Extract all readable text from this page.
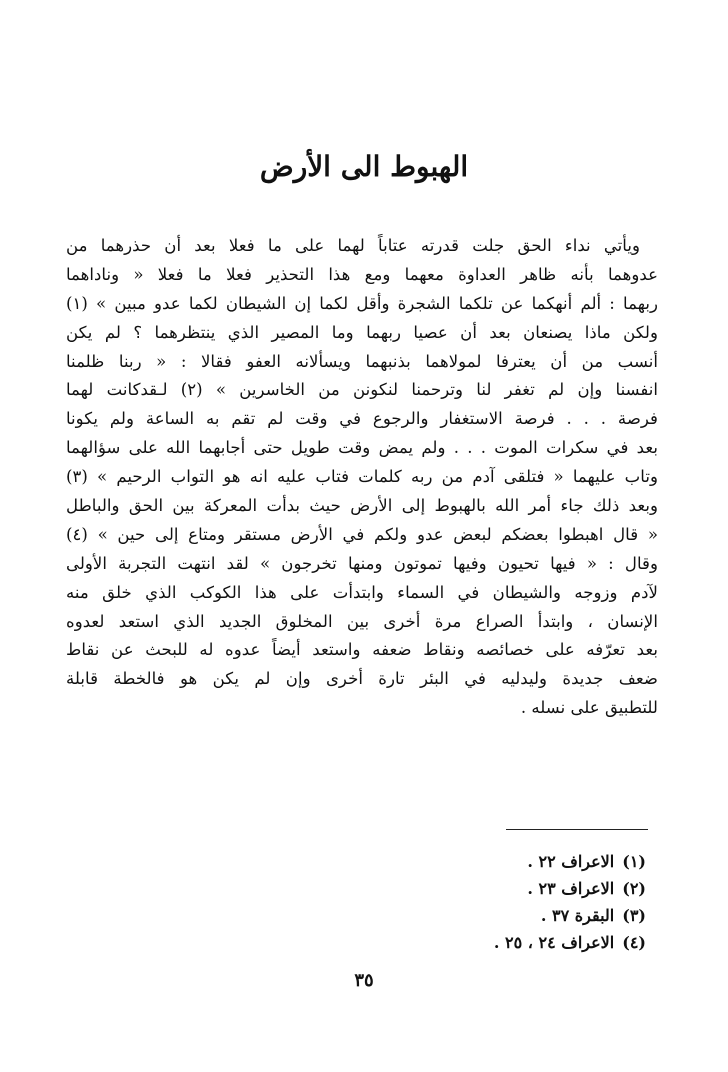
الهبوط الى الأرض
ويأتي نداء الحق جلت قدرته عتاباً لهما على ما فعلا بعد أن حذرهما من
عدوهما بأنه ظاهر العداوة معهما ومع هذا التحذير فعلا ما فعلا « وناداهما
ربهما : ألم أنهكما عن تلكما الشجرة وأقل لكما إن الشيطان لكما عدو مبين » (١)
ولكن ماذا يصنعان بعد أن عصيا ربهما وما المصير الذي ينتظرهما ؟ لم يكن
أنسب من أن يعترفا لمولاهما بذنبهما ويسألانه العفو فقالا : « ربنا ظلمنا
انفسنا وإن لم تغفر لنا وترحمنا لنكونن من الخاسرين » (٢) لـقدكانت لهما
فرصة . . . فرصة الاستغفار والرجوع في وقت لم تقم به الساعة ولم يكونا
بعد في سكرات الموت . . . ولم يمض وقت طويل حتى أجابهما الله على سؤالهما
وتاب عليهما « فتلقى آدم من ربه كلمات فتاب عليه انه هو التواب الرحيم » (٣)
وبعد ذلك جاء أمر الله بالهبوط إلى الأرض حيث بدأت المعركة بين الحق والباطل
« قال اهبطوا بعضكم لبعض عدو ولكم في الأرض مستقر ومتاع إلى حين » (٤)
وقال : « فيها تحيون وفيها تموتون ومنها تخرجون » لقد انتهت التجربة الأولى
لآدم وزوجه والشيطان في السماء وابتدأت على هذا الكوكب الذي خلق منه
الإنسان ، وابتدأ الصراع مرة أخرى بين المخلوق الجديد الذي استعد لعدوه
بعد تعرّفه على خصائصه ونقاط ضعفه واستعد أيضاً عدوه له للبحث عن نقاط
ضعف جديدة وليدليه في البئر تارة أخرى وإن لم يكن هو فالخطة قابلة
للتطبيق على نسله .
(١)الاعراف ٢٢ .
(٢)الاعراف ٢٣ .
(٣)البقرة ٣٧ .
(٤)الاعراف ٢٤ ، ٢٥ .
٣٥
